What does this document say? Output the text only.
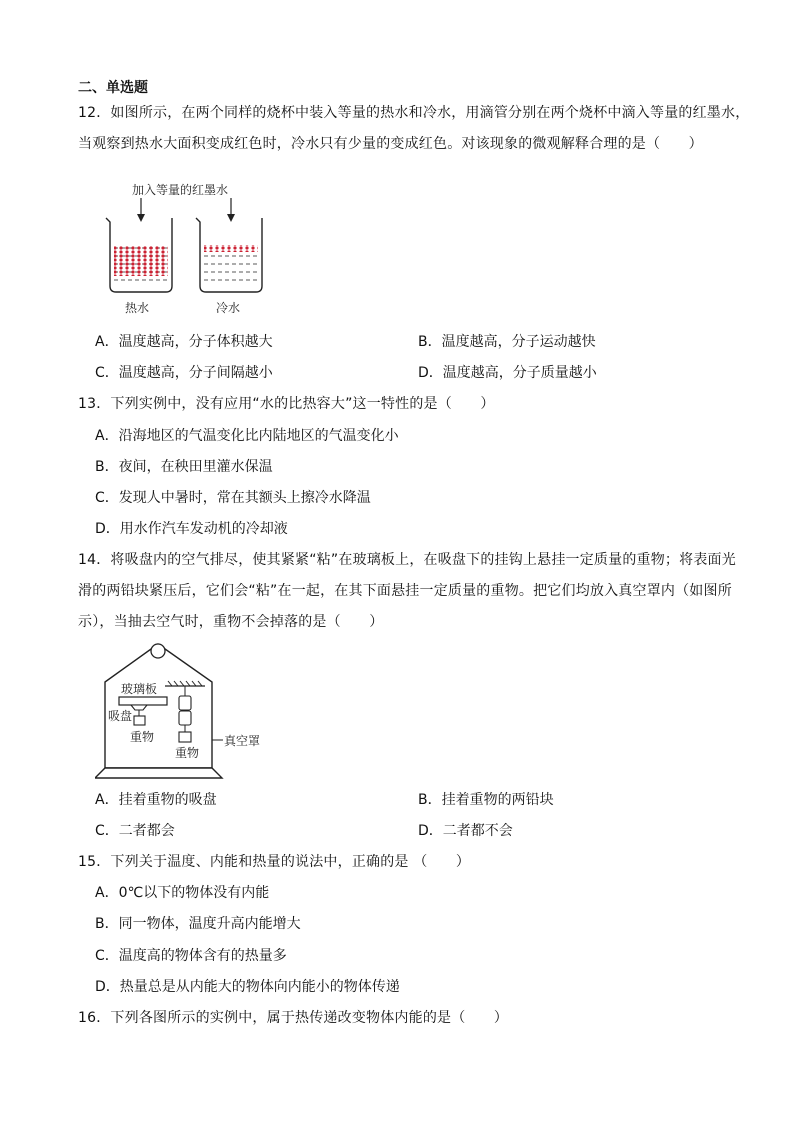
二、单选题
12．如图所示，在两个同样的烧杯中装入等量的热水和冷水，用滴管分别在两个烧杯中滴入等量的红墨水，
当观察到热水大面积变成红色时，冷水只有少量的变成红色。对该现象的微观解释合理的是（　　）
加入等量的红墨水
热水	冷水
A．温度越高，分子体积越大	B．温度越高，分子运动越快
C．温度越高，分子间隔越小	D．温度越高，分子质量越小
13．下列实例中，没有应用“水的比热容大”这一特性的是（　　）
A．沿海地区的气温变化比内陆地区的气温变化小
B．夜间，在秧田里灌水保温
C．发现人中暑时，常在其额头上擦冷水降温
D．用水作汽车发动机的冷却液
14．将吸盘内的空气排尽，使其紧紧“粘”在玻璃板上，在吸盘下的挂钩上悬挂一定质量的重物；将表面光
滑的两铅块紧压后，它们会“粘”在一起，在其下面悬挂一定质量的重物。把它们均放入真空罩内（如图所
示），当抽去空气时，重物不会掉落的是（　　）
玻璃板
吸盘
重物
重物
真空罩
A．挂着重物的吸盘	B．挂着重物的两铅块
C．二者都会	D．二者都不会
15．下列关于温度、内能和热量的说法中，正确的是 （　　）
A．0℃以下的物体没有内能
B．同一物体，温度升高内能增大
C．温度高的物体含有的热量多
D．热量总是从内能大的物体向内能小的物体传递
16．下列各图所示的实例中，属于热传递改变物体内能的是（　　）
